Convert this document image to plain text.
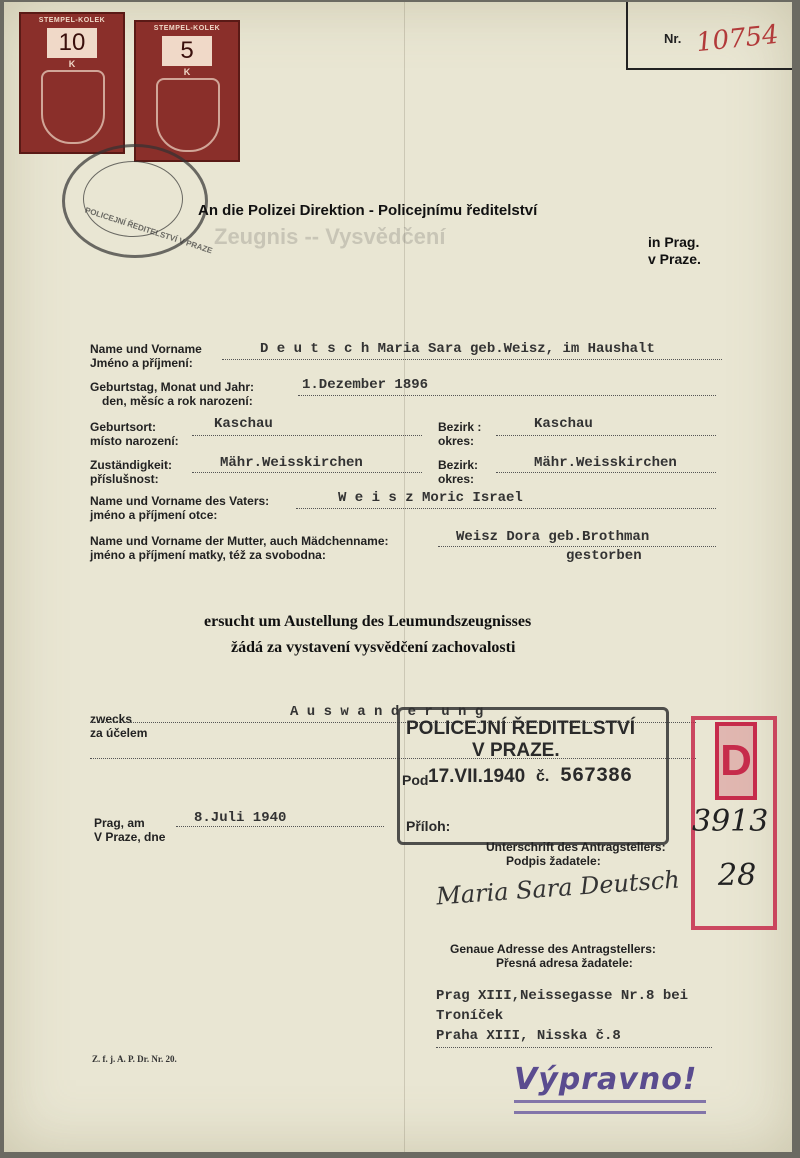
Nr. 10754
STEMPEL-KOLEK
10
K
STEMPEL-KOLEK
5
K
POLICEJNÍ ŘEDITELSTVÍ V PRAZE Zeugnis -- Vysvědčení
An die Polizei Direktion - Policejnímu ředitelství
in Prag.
v Praze.
Name und Vorname
Jméno a příjmení:
D e u t s c h Maria Sara geb.Weisz, im Haushalt
Geburtstag, Monat und Jahr:
den, měsíc a rok narození:
1.Dezember 1896
Geburtsort:
místo narození:
Kaschau	Bezirk :
okres:
Kaschau
Zuständigkeit:
příslušnost:
Mähr.Weisskirchen	Bezirk:
okres:
Mähr.Weisskirchen
Name und Vorname des Vaters:
jméno a příjmení otce:
W e i s z Moric Israel
Name und Vorname der Mutter, auch Mädchenname:
jméno a příjmení matky, též za svobodna:
Weisz Dora geb.Brothman
gestorben
ersucht um Austellung des Leumundszeugnisses
žádá za vystavení vysvědčení zachovalosti
zwecks
za účelem
A u s w a n d e r u n g
Prag, am
V Praze, dne
8.Juli 1940
POLICEJNÍ ŘEDITELSTVÍ
V PRAZE.
Pod 17.VII.1940 č. 567386
Příloh:
D
3913
28
Unterschrift des Antragstellers:
Podpis žadatele:
Maria Sara Deutsch
Genaue Adresse des Antragstellers:
Přesná adresa žadatele:
Prag XIII,Neissegasse Nr.8 bei
Troníček
Praha XIII, Nisska č.8
Z. f. j. A. P. Dr. Nr. 20.
Výpravno!
